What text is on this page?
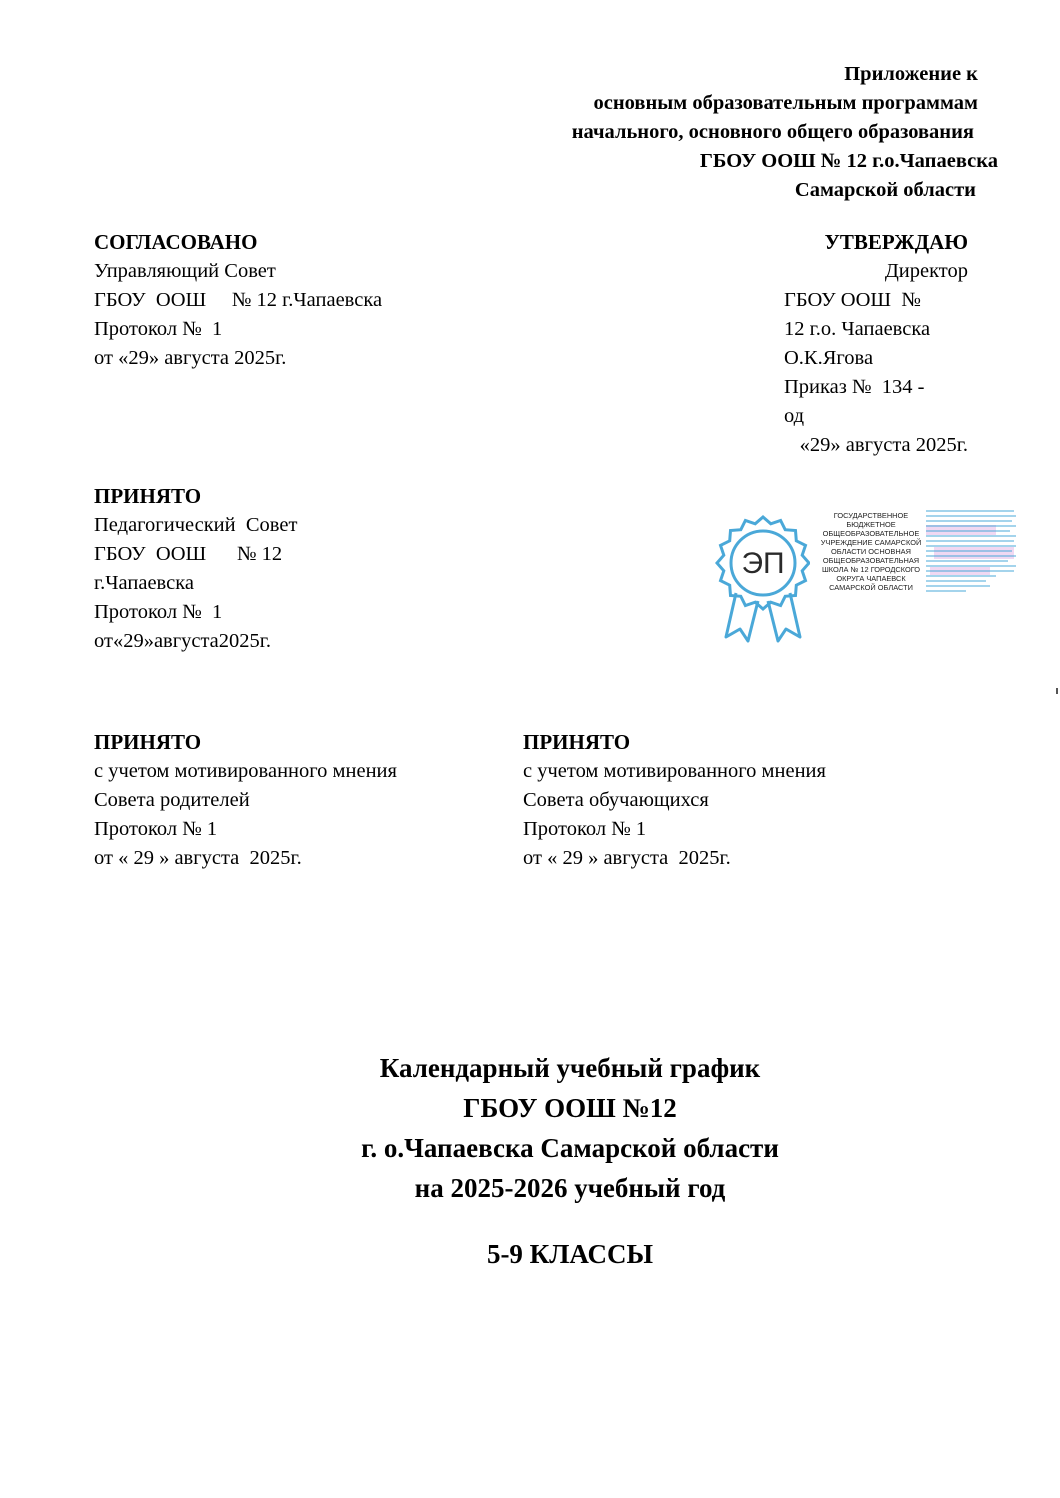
Приложение к
основным образовательным программам
начального, основного общего образования
ГБОУ ООШ № 12 г.о.Чапаевска
Самарской области
СОГЛАСОВАНО
Управляющий Совет
ГБОУ  ООШ     № 12 г.Чапаевска
Протокол №  1
от «29» августа 2025г.
УТВЕРЖДАЮ
Директор
ГБОУ ООШ  №
12 г.о. Чапаевска
О.К.Ягова
Приказ №  134 -
од
«29» августа 2025г.
ПРИНЯТО
Педагогический  Совет
ГБОУ  ООШ      № 12
г.Чапаевска
Протокол №  1
от«29»августа2025г.
ЭП
ГОСУДАРСТВЕННОЕ БЮДЖЕТНОЕ ОБЩЕОБРАЗОВАТЕЛЬНОЕ УЧРЕЖДЕНИЕ САМАРСКОЙ ОБЛАСТИ ОСНОВНАЯ ОБЩЕОБРАЗОВАТЕЛЬНАЯ ШКОЛА № 12 ГОРОДСКОГО ОКРУГА ЧАПАЕВСК САМАРСКОЙ ОБЛАСТИ
ПРИНЯТО
с учетом мотивированного мнения
Совета родителей
Протокол № 1
от « 29 » августа  2025г.
ПРИНЯТО
с учетом мотивированного мнения
Совета обучающихся
Протокол № 1
от « 29 » августа  2025г.
Календарный учебный график
ГБОУ ООШ №12
г. о.Чапаевска Самарской области
на 2025-2026 учебный год
5-9 КЛАССЫ
